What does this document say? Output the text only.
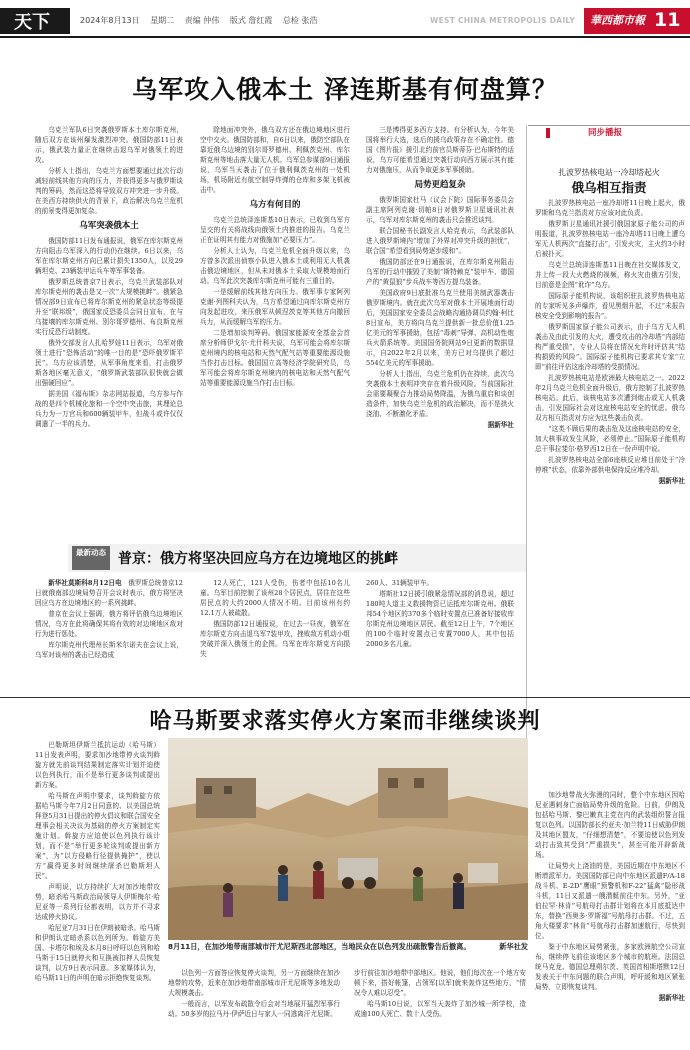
天下	2024年8月13日 星期二 责编 仲伟 版式 詹红霞 总检 张浩	WEST CHINA METROPOLIS DAILY 華西都市報 11
乌军攻入俄本土 泽连斯基有何盘算？

乌克兰军队6日突袭俄罗斯本土库尔斯克州，随后双方在该州爆发激烈冲突。俄国防部11日表示，俄武装力量正在继续击退乌军对俄领土的进攻。

分析人士指出，乌克兰方面想要通过此次行动减轻前线其他方向的压力，并获得更多与俄罗斯谈判的筹码，然而这恐将导致双方冲突进一步升级。在美西方持续供火的背景下，政治解决乌克兰危机的前景变得更加复杂。

乌军突袭俄本土

俄国防部11日发布通报说，俄军在库尔斯克州方向阻击乌军深入的行动仍在继续。6日以来，乌军在库尔斯克州方向已累计损失1350人，以及29辆坦克、23辆装甲运兵车等军事装备。

俄罗斯总统普京7日表示，乌克兰武装部队对库尔斯克州的袭击是又一次“大规模挑衅”。俄紧急情况部9日宣布已将库尔斯克州的紧急状态等级提升至“联邦级”，俄国家反恐委员会同日宣布，在与乌接壤的库尔斯克州、别尔哥罗德州、布良斯克州实行反恐行动制度。

俄外交部发言人扎哈罗娃11日表示，乌军对俄领土进行“恐怖活动”的唯一目的是“恐吓俄罗斯平民”。乌方应该清楚，从军事角度来看，打击俄罗斯各地区毫无意义，“俄罗斯武装部队很快就会做出强硬回应”。

据美国《福布斯》杂志网站报道，乌方参与作战的是四个机械化旅和一个空中突击旅，其理论总兵力为一万官兵和600辆装甲车，但战斗或许仅仅调遣了一半的兵力。

除地面冲突外，俄乌双方还在俄边境地区进行空中交火。俄国防部和，自6日以来，俄防空部队在靠近俄乌边境的别尔哥罗德州、利佩茨克州、库尔斯克州等地击落大量无人机。乌军总参谋部9日通报说，乌军当天袭击了位于俄利佩茨克州的一处机场，机场附近有航空制导炸弹的仓库和多架飞机被击中。

乌方有何目的

乌克兰总统泽连斯基10日表示，已收到乌军方呈交的有关将战线向俄领土内推进的报告。乌克兰正在证明其有能力对俄施加“必要压力”。

分析人士认为，乌克兰危机全面升级以来，乌方曾多次派出侦察小队进入俄本土或利用无人机袭击俄边境地区，但从未对俄本土采取大规模地面行动。乌军此次突袭库尔斯克州可能有三重目的。

一是缓解前线其他方向压力。俄军事专家阿列克谢·列图科夫认为，乌方希望通过向库尔斯克州方向发起进攻，来压俄军从顿涅茨克等其他方向撤回兵力，从而缓解乌军的压力。

二是增加谈判筹码。俄国家能源安全基金会首席分析师伊戈尔·尤什科夫说，乌军可能会将库尔斯克州境内的核电站和天然气配气站等重要能源设施当作打击目标。俄国国立高等经济学院研究员，乌军可能会将库尔斯克州境内的核电站和天然气配气站等重要能源设施当作打击目标。

三是博得更多西方支持。有分析认为，今年美国将举行大选，选后的援乌政策存在不确定性。德国《图片报》援引北约前官员斯蒂芬·巴布斯特的话说，乌方可能希望通过突袭行动向西方展示其有能力对俄施压，从而争取更多军事援助。

局势更趋复杂

俄罗斯国家杜马（议会下院）国际事务委员会副主席阿列克谢·切帕8日对俄罗斯卫星通讯社表示，乌军对库尔斯克州的袭击只会推迟谈判。

联合国秘书长副发言人哈克表示，乌武装部队进入俄罗斯境内“增加了外界对冲突升级的担忧”，联合国“希望看到局势逐步缓和”。

俄国防部还在9日通报说，在库尔斯克州阻击乌军的行动中摧毁了美制“斯特赖克”装甲车、德国产的“黄鼠狼”步兵战车等西方提乌装备。

美国政府9日底批准乌克兰使用美制武器袭击俄罗斯境内。就在此次乌军对俄本土开展地面行动后，美国国家安全委员会战略沟通协调员约翰·柯比8日宣布，美方将向乌克兰提供新一批总价值1.25亿美元的军事援助，包括“毒刺”导弹、高机动性炮兵火箭系统等。美国国务院网站9日更新的数据显示，自2022年2月以来，美方已对乌提供了超过554亿美元的军事援助。

分析人士指出，乌克兰危机仍在持续，此次乌突袭俄本土表明冲突存在着升级风险。当前国际社会需要凝聚合力推动局势降温，为俄乌重启和谈创造条件，加快乌克兰危机的政治解决，而不是拱火浇油、不断激化矛盾。

据新华社

同步播报
扎波罗热核电站一冷却塔起火
俄乌相互指责

扎波罗热核电站一座冷却塔11日晚上起火，俄罗斯和乌克兰指责对方应该对此负责。

俄罗斯卫星通讯社援引俄国家原子能公司的声明报道，扎波罗热核电站一座冷却塔11日晚上遭乌军无人机两次“直接打击”，引发火灾，主火约3小时后被扑灭。

乌克兰总统泽连斯基11日晚在社交媒体发文，并上传一段大火燃烧的视频，称火灾由俄方引发，目前意是企图“讹诈”乌方。

国际原子能机构说，该组织驻扎波罗热核电站的专家听见多声爆炸，看见黑烟升起，不过“未报告核安全受到影响的报告”。

俄罗斯国家原子能公司表示，由于乌方无人机袭击及由此引发的大火，遭受攻击的冷却塔“内部结构严重受损”，专业人员将在情况允许时评估其“结构损毁的风险”。国际原子能机构已要求其专家“立即”前往评估这座冷却塔的受损情况。

扎波罗热核电站是欧洲最大核电站之一。2022年2月乌克兰危机全面升级后，俄方控制了扎波罗热核电站。此后，该核电站多次遭到炮击或无人机袭击，引发国际社会对这座核电站安全的忧虑。俄乌双方相互指责对方应为这些袭击负责。

“这类不顾后果的袭击危及这座核电站的安全，加大核事故发生风险，必须停止。”国际原子能机构总干事拉斐尔·格罗西12日在一份声明中说。

扎波罗热核电站全部6座核反应堆目前处于“冷停堆”状态，依靠外部供电保持反应堆冷却。

据新华社

最新动态 普京：俄方将坚决回应乌方在边境地区的挑衅

新华社莫斯科8月12日电  俄罗斯总统普京12日就俄南部边境局势召开会议时表示，俄方将坚决回应乌方在边境地区的一系列挑衅。

普京在会议上强调，俄方将评估俄乌边境地区情况，乌方在此将确保其将有效的对边境地区敌对行为进行惩处。

库尔斯克州代理州长斯米尔诺夫在会议上说，乌军对该州的袭击已经造成

12人死亡，121人受伤，伤者中包括10名儿童。乌军目前控制了该州28个居民点，居住在这些居民点的大约2000人情况不明。目前该州有约12.1万人被疏散。

俄国防部12日通报说，在过去一昼夜，俄军在库尔斯克方向击退乌军7装甲攻，挫败敌方机动小组突破并深入俄领土的企图。乌军在库尔斯克方向损失

260人、31辆装甲车。

塔斯社12日援引俄紧急情况部的消息说，超过180吨人道主义救援物资已运抵库尔斯克州。俄联邦54个地区的370多个临时安置点已准备好接收库尔斯克州边境地区居民。截至12日上午，7个地区的100个临时安置点已安置7000人，其中包括2000多名儿童。

哈马斯要求落实停火方案而非继续谈判

巴勒斯坦伊斯兰抵抗运动（哈马斯）11日发表声明，要求加沙地带停火谈判斡旋方就先前谈判结果制定落实计划并迫使以色列执行，而不是举行更多谈判或提出新方案。

哈马斯在声明中要求，谈判斡旋方依据哈马斯今年7月2日同意的、以美国总统拜登5月31日提出的停火倡议和联合国安全理事会相关决议为基础的停火方案制定实施计划。斡旋方应迫使以色列执行该计划，而不是“举行更多轮谈判或提出新方案”，为“以方侵略行径提供掩护”，使以方“赢得更多时间继续屠杀巴勒斯坦人民”。

声明说，以方持续扩大对加沙地带攻势，暗杀哈马斯政治局领导人伊斯梅尔·哈尼亚等一系列行径都表明，以方并不寻求达成停火协议。

哈尼亚7月31日在伊朗被暗杀。哈马斯和伊朗认定暗杀系以色列所为。斡旋方美国、卡塔尔和埃及本月8日呼吁以色列和哈马斯于15日就停火和互换被扣押人员恢复谈判，以方9日表示同意。多家媒体认为，哈马斯11日的声明在暗示拒绝恢复谈判。

8月11日，在加沙地带南部城市汗尤尼斯西北部地区，当地民众在以色列发出疏散警告后撤离。	新华社发

以色列一方面答应恢复停火谈判，另一方面继续在加沙地带的攻势，近来在加沙地带南部城市汗尤尼斯等多地发动大规模袭击。

一般而言，以军发布疏散令后会对当地展开猛烈军事行动。50多岁的拉马丹·伊萨近日与家人一同逃离汗尤尼斯。

步行前往加沙地带中部地区。他说，他们每次在一个地方安顿下来，搭好帐篷，占领军[以军]就来轰炸这些地方，“情况令人难以忍受”。

哈马斯10日说，以军当天轰炸了加沙城一所学校，造成逾100人死亡、数十人受伤。

加沙地带战火弥漫的同时，整个中东地区因哈尼亚遇刺身亡面临局势升级的危险。日前，伊朗及包括哈马斯、黎巴嫩真主党在内的武装组织誓言报复以色列。以国防部长约亚夫·加兰特11日威胁伊朗及其地区盟友，“仔细想清楚”，不要迫使以色列发动打击致其受到“严重损失”，甚至可能开辟新战场。

让局势火上浇油的是，美国近期在中东地区不断增派军力。美国国防部已向中东地区派遣F/A-18战斗机、E-2D“鹰眼”预警机和F-22“猛禽”隐形战斗机，11日又派遣一艘潜艇前往中东。另外，“亚伯拉罕·林肯”号航母打击群计划将在本月底抵达中东，替换“西奥多·罗斯福”号航母打击群。不过，五角大楼要求“林肯”号航母打击群加速航行，尽快到位。

鉴于中东地区局势紧张，多家欧洲航空公司宣布，继续停飞前往该地区多个城市的航班。法国总统马克龙、德国总理朔尔茨、英国首相斯塔默12日发表关于中东问题的联合声明，呼吁緩和地区紧张局势，立即恢复谈判。

据新华社
